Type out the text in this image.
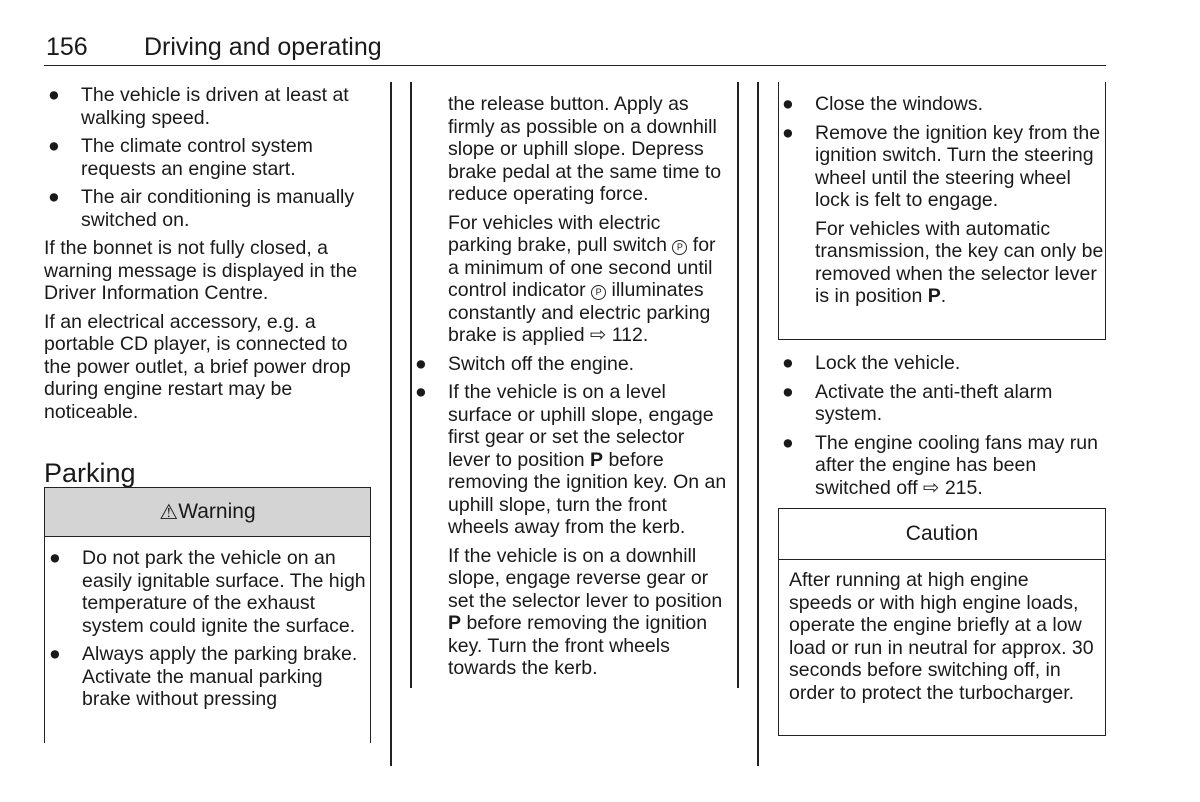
156 Driving and operating
● The vehicle is driven at least at walking speed.
● The climate control system requests an engine start.
● The air conditioning is manually switched on.

If the bonnet is not fully closed, a warning message is displayed in the Driver Information Centre.

If an electrical accessory, e.g. a portable CD player, is connected to the power outlet, a brief power drop during engine restart may be noticeable.

Parking
⚠ Warning
● Do not park the vehicle on an easily ignitable surface. The high temperature of the exhaust system could ignite the surface.
● Always apply the parking brake. Activate the manual parking brake without pressing

the release button. Apply as firmly as possible on a downhill slope or uphill slope. Depress brake pedal at the same time to reduce operating force.

For vehicles with electric parking brake, pull switch P for a minimum of one second until control indicator P illuminates constantly and electric parking brake is applied ⇨ 112.

● Switch off the engine.
● If the vehicle is on a level surface or uphill slope, engage first gear or set the selector lever to position P before removing the ignition key. On an uphill slope, turn the front wheels away from the kerb.

If the vehicle is on a downhill slope, engage reverse gear or set the selector lever to position P before removing the ignition key. Turn the front wheels towards the kerb.

● Close the windows.
● Remove the ignition key from the ignition switch. Turn the steering wheel until the steering wheel lock is felt to engage.

For vehicles with automatic transmission, the key can only be removed when the selector lever is in position P.

● Lock the vehicle.
● Activate the anti-theft alarm system.
● The engine cooling fans may run after the engine has been switched off ⇨ 215.
Caution
After running at high engine speeds or with high engine loads, operate the engine briefly at a low load or run in neutral for approx. 30 seconds before switching off, in order to protect the turbocharger.
